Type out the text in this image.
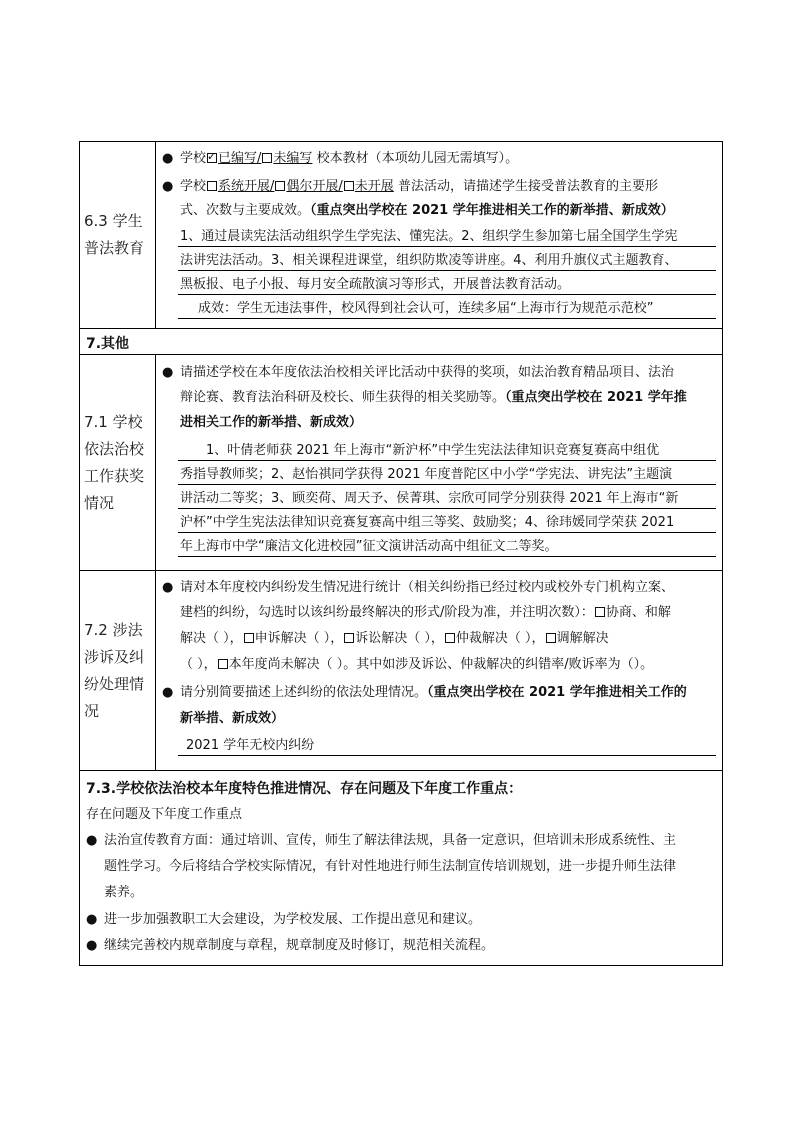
6.3 学生普法教育
● 学校✓ 已编写/ 未编写 校本教材（本项幼儿园无需填写）。
● 学校 系统开展/ 偶尔开展/ 未开展 普法活动，请描述学生接受普法教育的主要形
式、次数与主要成效。（重点突出学校在 2021 学年推进相关工作的新举措、新成效）
1、通过晨读宪法活动组织学生学宪法、懂宪法。2、组织学生参加第七届全国学生学宪
法讲宪法活动。3、相关课程进课堂，组织防欺凌等讲座。4、利用升旗仪式主题教育、
黑板报、电子小报、每月安全疏散演习等形式，开展普法教育活动。
成效：学生无违法事件，校风得到社会认可，连续多届“上海市行为规范示范校”
7.其他
7.1 学校依法治校工作获奖情况
● 请描述学校在本年度依法治校相关评比活动中获得的奖项，如法治教育精品项目、法治
辩论赛、教育法治科研及校长、师生获得的相关奖励等。（重点突出学校在 2021 学年推
进相关工作的新举措、新成效）
1、叶倩老师获 2021 年上海市“新沪杯”中学生宪法法律知识竞赛复赛高中组优
秀指导教师奖；2、赵怡祺同学获得 2021 年度普陀区中小学“学宪法、讲宪法”主题演
讲活动二等奖；3、顾奕荷、周天予、侯菁琪、宗欣可同学分别获得 2021 年上海市“新
沪杯”中学生宪法法律知识竞赛复赛高中组三等奖、鼓励奖；4、徐玮媛同学荣获 2021
年上海市中学“廉洁文化进校园”征文演讲活动高中组征文二等奖。
7.2 涉法涉诉及纠纷处理情况
● 请对本年度校内纠纷发生情况进行统计（相关纠纷指已经过校内或校外专门机构立案、
建档的纠纷，勾选时以该纠纷最终解决的形式/阶段为准，并注明次数）： 协商、和解
解决（ ）， 申诉解决（ ）， 诉讼解决（ ）， 仲裁解决（ ）， 调解解决
（ ）， 本年度尚未解决（ ）。其中如涉及诉讼、仲裁解决的纠错率/败诉率为（）。
● 请分别简要描述上述纠纷的依法处理情况。（重点突出学校在 2021 学年推进相关工作的
新举措、新成效）
2021 学年无校内纠纷
7.3.学校依法治校本年度特色推进情况、存在问题及下年度工作重点：
存在问题及下年度工作重点
● 法治宣传教育方面：通过培训、宣传，师生了解法律法规，具备一定意识，但培训未形成系统性、主
题性学习。今后将结合学校实际情况，有针对性地进行师生法制宣传培训规划，进一步提升师生法律
素养。
● 进一步加强教职工大会建设，为学校发展、工作提出意见和建议。
● 继续完善校内规章制度与章程，规章制度及时修订，规范相关流程。
